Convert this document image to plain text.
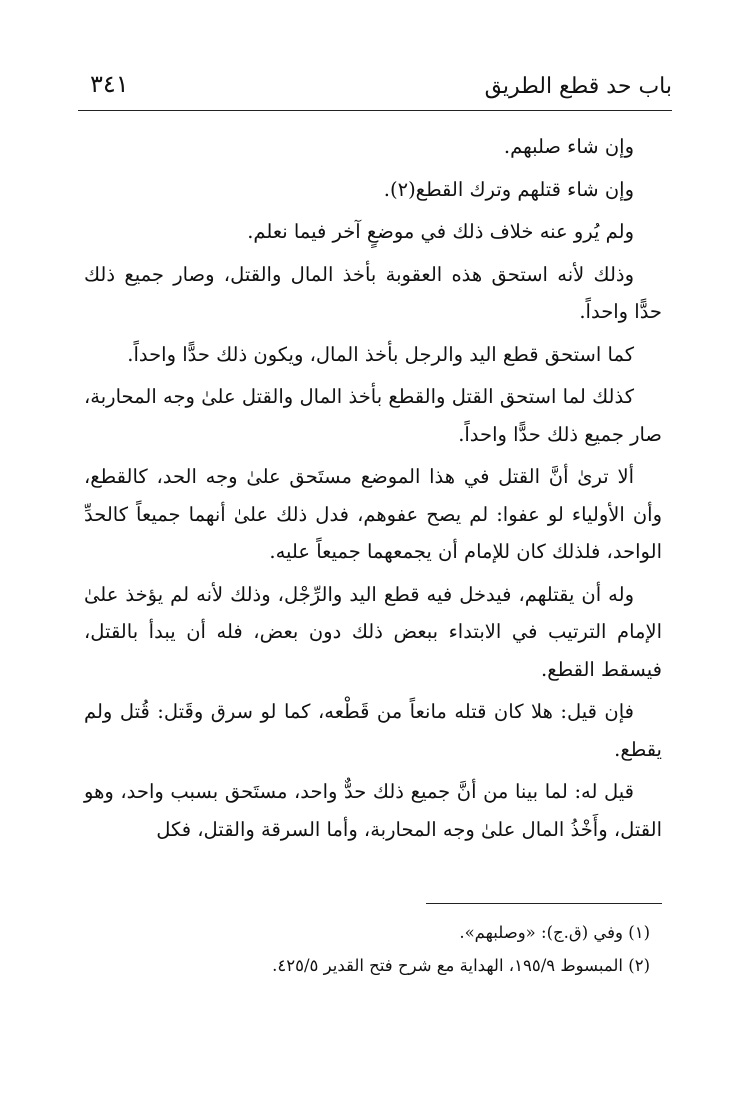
باب حد قطع الطريق
٣٤١

وإن شاء صلبهم.

وإن شاء قتلهم وترك القطع(٢).

ولم يُرو عنه خلاف ذلك في موضعٍ آخر فيما نعلم.

وذلك لأنه استحق هذه العقوبة بأخذ المال والقتل، وصار جميع ذلك حدًّا واحداً.

كما استحق قطع اليد والرجل بأخذ المال، ويكون ذلك حدًّا واحداً.

كذلك لما استحق القتل والقطع بأخذ المال والقتل علىٰ وجه المحاربة، صار جميع ذلك حدًّا واحداً.

ألا ترىٰ أنَّ القتل في هذا الموضع مستَحق علىٰ وجه الحد، كالقطع، وأن الأولياء لو عفوا: لم يصح عفوهم، فدل ذلك علىٰ أنهما جميعاً كالحدِّ الواحد، فلذلك كان للإمام أن يجمعهما جميعاً عليه.

وله أن يقتلهم، فيدخل فيه قطع اليد والرِّجْل، وذلك لأنه لم يؤخذ علىٰ الإمام الترتيب في الابتداء ببعض ذلك دون بعض، فله أن يبدأ بالقتل، فيسقط القطع.

فإن قيل: هلا كان قتله مانعاً من قَطْعه، كما لو سرق وقَتل: قُتل ولم يقطع.

قيل له: لما بينا من أنَّ جميع ذلك حدٌّ واحد، مستَحق بسبب واحد، وهو القتل، وأَخْذُ المال علىٰ وجه المحاربة، وأما السرقة والقتل، فكل

(١) وفي (ق.ج): «وصلبهم».

(٢) المبسوط ١٩٥/٩، الهداية مع شرح فتح القدير ٤٢٥/٥.
